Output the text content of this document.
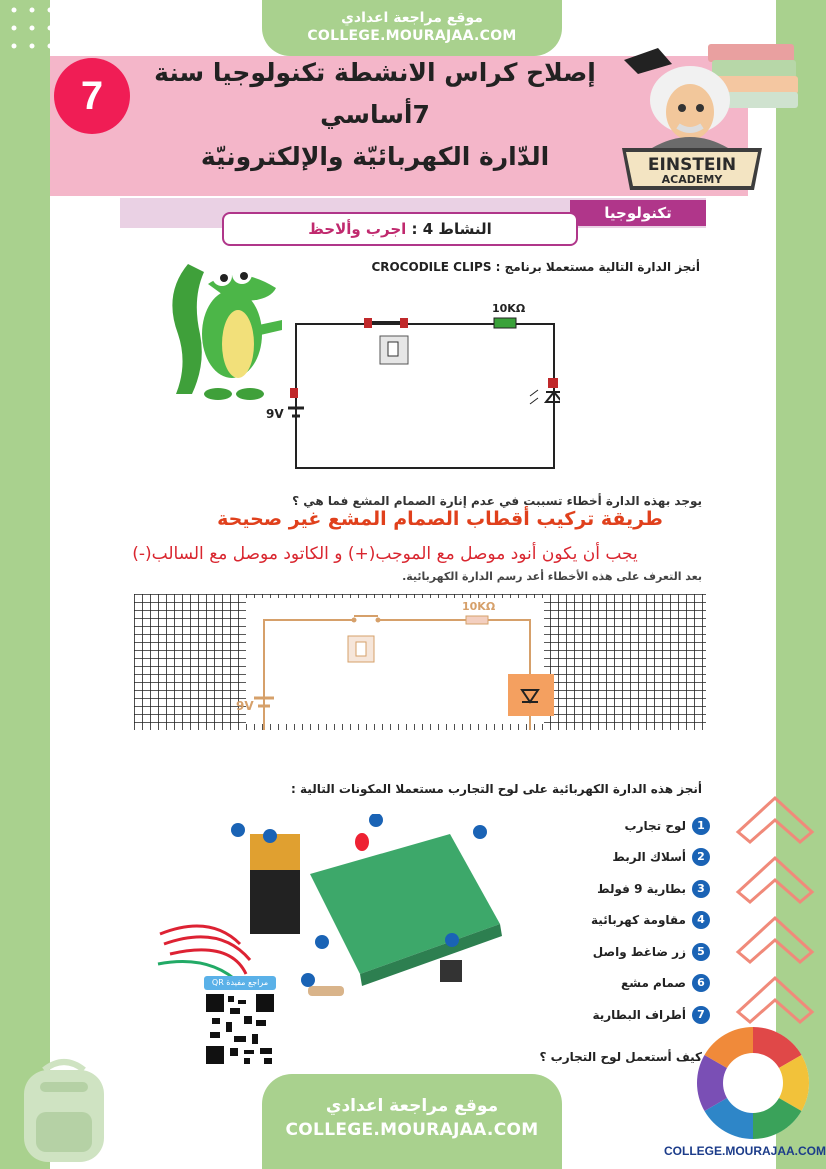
موقع مراجعة اعدادي
COLLEGE.MOURAJAA.COM
7
إصلاح كراس الانشطة تكنولوجيا سنة
7أساسي
الدّارة الكهربائيّة والإلكترونيّة	EINSTEIN
ACADEMY
تكنولوجيا
النشاط 4 : اجرب وألاحظ
أنجز الدارة التالية مستعملا برنامج : CROCODILE CLIPS
10KΩ
9V
يوجد بهذه الدارة أخطاء تسببت في عدم إنارة الصمام المشع فما هي ؟
طريقة تركيب أقطاب الصمام المشع غير صحيحة
يجب أن يكون أنود موصل مع الموجب(+) و الكاتود موصل مع السالب(-)
بعد التعرف على هذه الأخطاء أعد رسم الدارة الكهربائية.
10KΩ
9V
أنجز هذه الدارة الكهربائية على لوح التجارب مستعملا المكونات التالية :
1
لوح تجارب
2
أسلاك الربط
3
بطارية 9 فولط
4
مقاومة كهربائية
5
زر ضاغط واصل
6
صمام مشع
7
أطراف البطارية
مراجع مفيدة QR
كيف أستعمل لوح التجارب ؟
موقع مراجعة اعدادي
COLLEGE.MOURAJAA.COM
COLLEGE.MOURAJAA.COM
